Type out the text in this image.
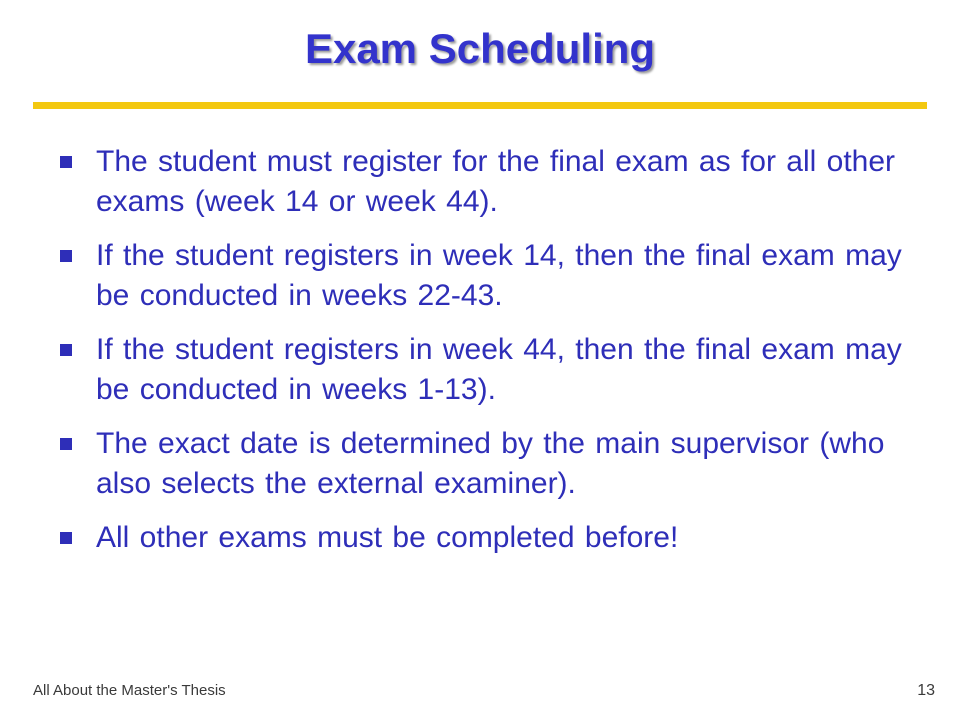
Exam Scheduling
The student must register for the final exam as for all other exams (week 14 or week 44).
If the student registers in week 14, then the final exam may be conducted in weeks 22-43.
If the student registers in week 44, then the final exam may be conducted in weeks 1-13).
The exact date is determined by the main supervisor (who also selects the external examiner).
All other exams must be completed before!
All About the Master's Thesis	13
